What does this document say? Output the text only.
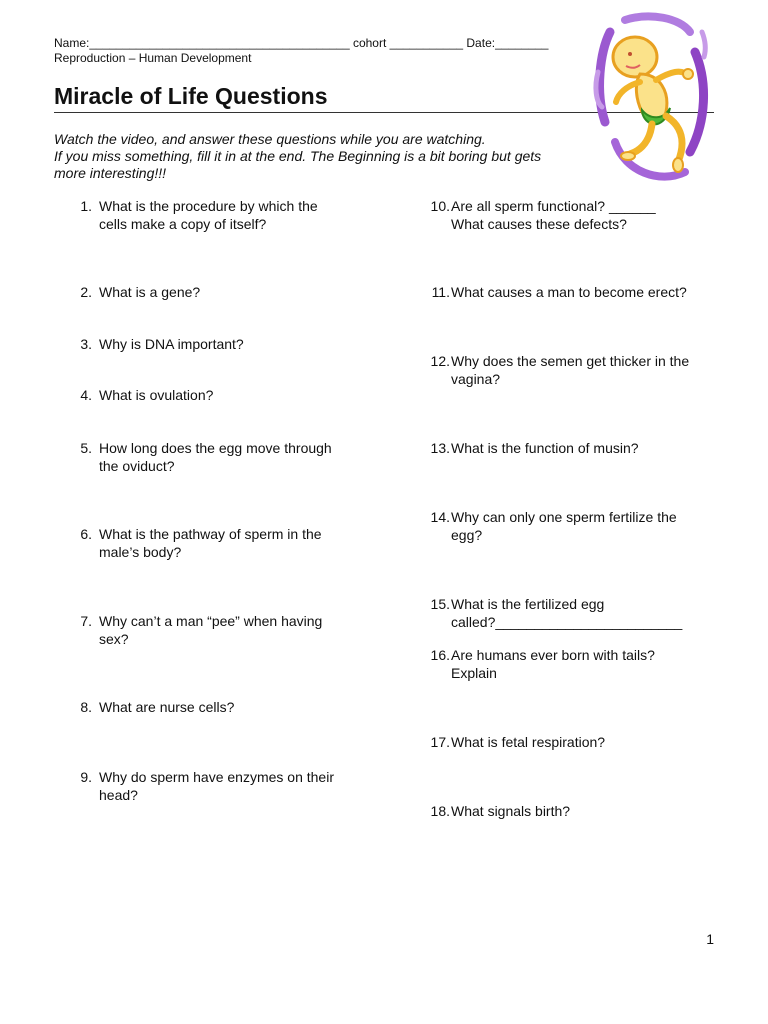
Name:_______________________________________ cohort ___________ Date:________
Reproduction – Human Development
Miracle of Life Questions
Watch the video, and answer these questions while you are watching.
If you miss something, fill it in at the end. The Beginning is a bit boring but gets
more interesting!!!
1. What is the procedure by which the
cells make a copy of itself?
2. What is a gene?
3. Why is DNA important?
4. What is ovulation?
5. How long does the egg move through
the oviduct?
6. What is the pathway of sperm in the
male’s body?
7. Why can’t a man “pee” when having
sex?
8. What are nurse cells?
9. Why do sperm have enzymes on their
head?
10. Are all sperm functional? ______
What causes these defects?
11. What causes a man to become erect?
12. Why does the semen get thicker in the
vagina?
13. What is the function of musin?
14. Why can only one sperm fertilize the
egg?
15. What is the fertilized egg
called?________________________
16. Are humans ever born with tails?
Explain
17. What is fetal respiration?
18. What signals birth?
1
